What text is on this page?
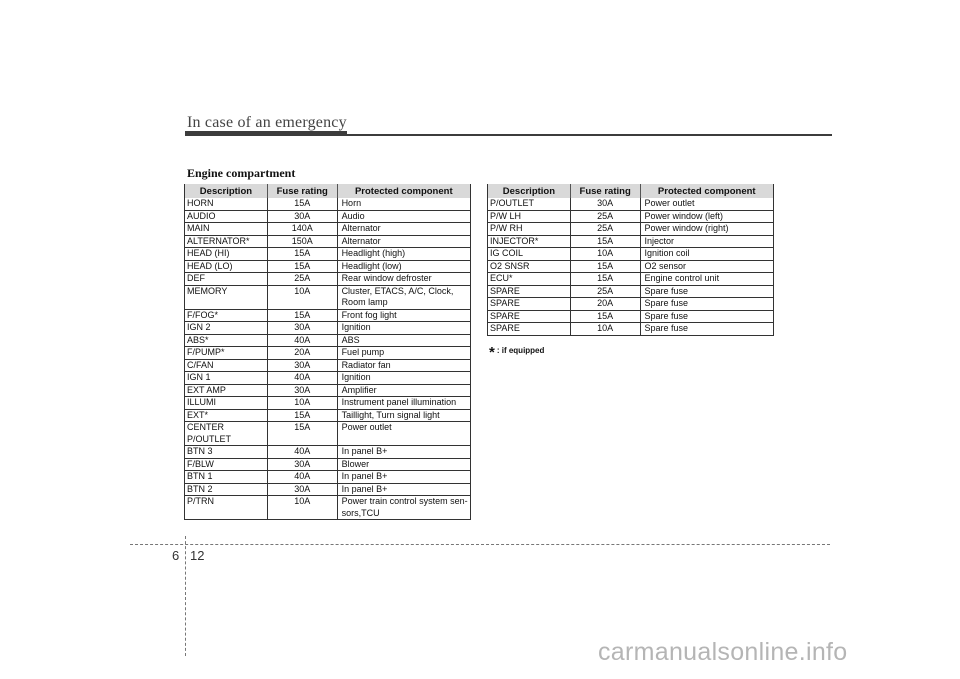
In case of an emergency
Engine compartment
Description	Fuse rating	Protected component
HORN	15A	Horn
AUDIO	30A	Audio
MAIN	140A	Alternator
ALTERNATOR*	150A	Alternator
HEAD (HI)	15A	Headlight (high)
HEAD (LO)	15A	Headlight (low)
DEF	25A	Rear window defroster
MEMORY	10A	Cluster, ETACS, A/C, Clock, Room lamp
F/FOG*	15A	Front fog light
IGN 2	30A	Ignition
ABS*	40A	ABS
F/PUMP*	20A	Fuel pump
C/FAN	30A	Radiator fan
IGN 1	40A	Ignition
EXT AMP	30A	Amplifier
ILLUMI	10A	Instrument panel illumination
EXT*	15A	Taillight, Turn signal light
CENTER P/OUTLET	15A	Power outlet
BTN 3	40A	In panel B+
F/BLW	30A	Blower
BTN 1	40A	In panel B+
BTN 2	30A	In panel B+
P/TRN	10A	Power train control system sen-sors,TCU
Description	Fuse rating	Protected component
P/OUTLET	30A	Power outlet
P/W LH	25A	Power window (left)
P/W RH	25A	Power window (right)
INJECTOR*	15A	Injector
IG COIL	10A	Ignition coil
O2 SNSR	15A	O2 sensor
ECU*	15A	Engine control unit
SPARE	25A	Spare fuse
SPARE	20A	Spare fuse
SPARE	15A	Spare fuse
SPARE	10A	Spare fuse
* : if equipped
6 12
carmanualsonline.info
